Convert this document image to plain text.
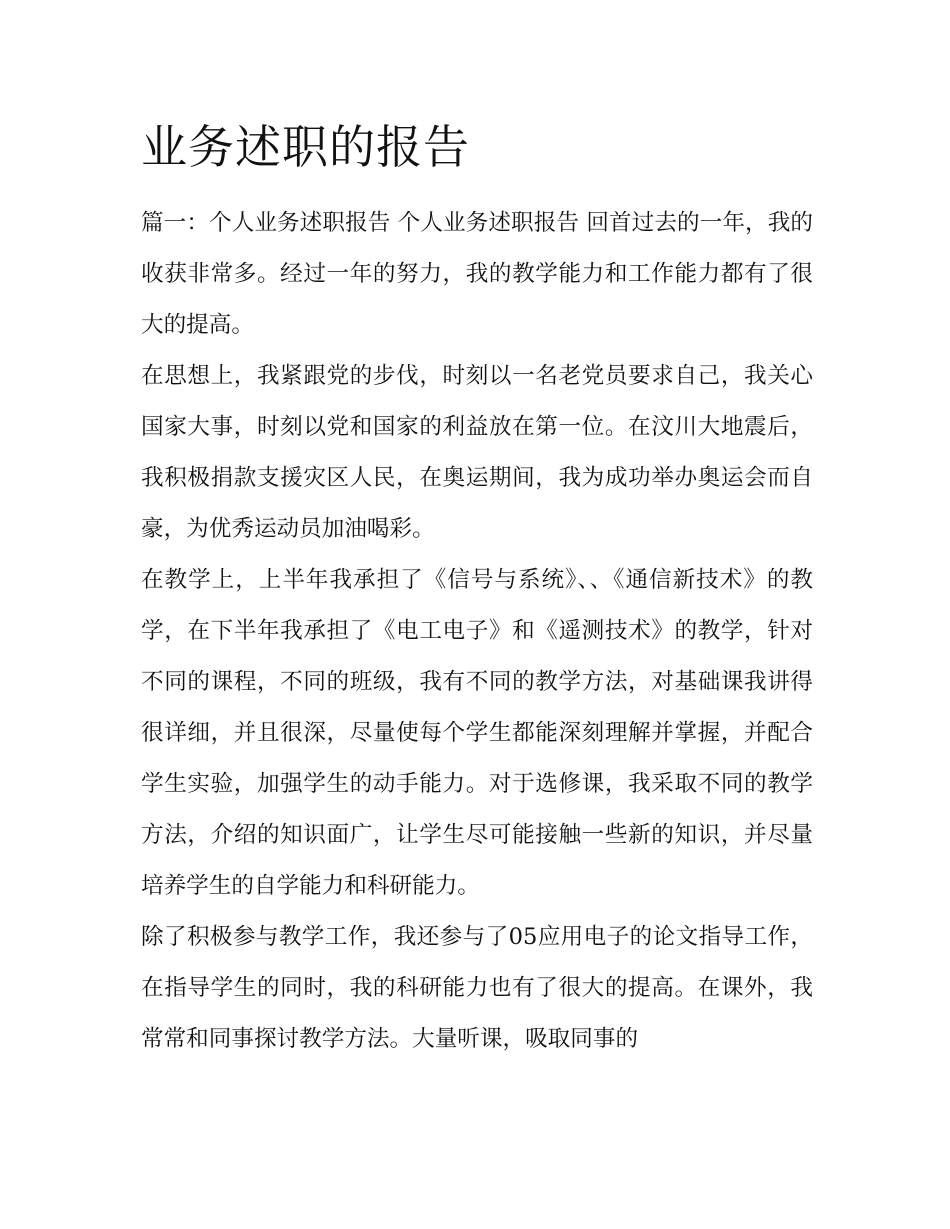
业务述职的报告

篇一：个人业务述职报告 个人业务述职报告 回首过去的一年，我的收获非常多。经过一年的努力，我的教学能力和工作能力都有了很大的提高。

在思想上，我紧跟党的步伐，时刻以一名老党员要求自己，我关心国家大事，时刻以党和国家的利益放在第一位。在汶川大地震后，我积极捐款支援灾区人民，在奥运期间，我为成功举办奥运会而自豪，为优秀运动员加油喝彩。

在教学上，上半年我承担了《信号与系统》、、《通信新技术》的教学，在下半年我承担了《电工电子》和《遥测技术》的教学，针对不同的课程，不同的班级，我有不同的教学方法，对基础课我讲得很详细，并且很深，尽量使每个学生都能深刻理解并掌握，并配合学生实验，加强学生的动手能力。对于选修课，我采取不同的教学方法，介绍的知识面广，让学生尽可能接触一些新的知识，并尽量培养学生的自学能力和科研能力。

除了积极参与教学工作，我还参与了05应用电子的论文指导工作，在指导学生的同时，我的科研能力也有了很大的提高。在课外，我常常和同事探讨教学方法。大量听课，吸取同事的
